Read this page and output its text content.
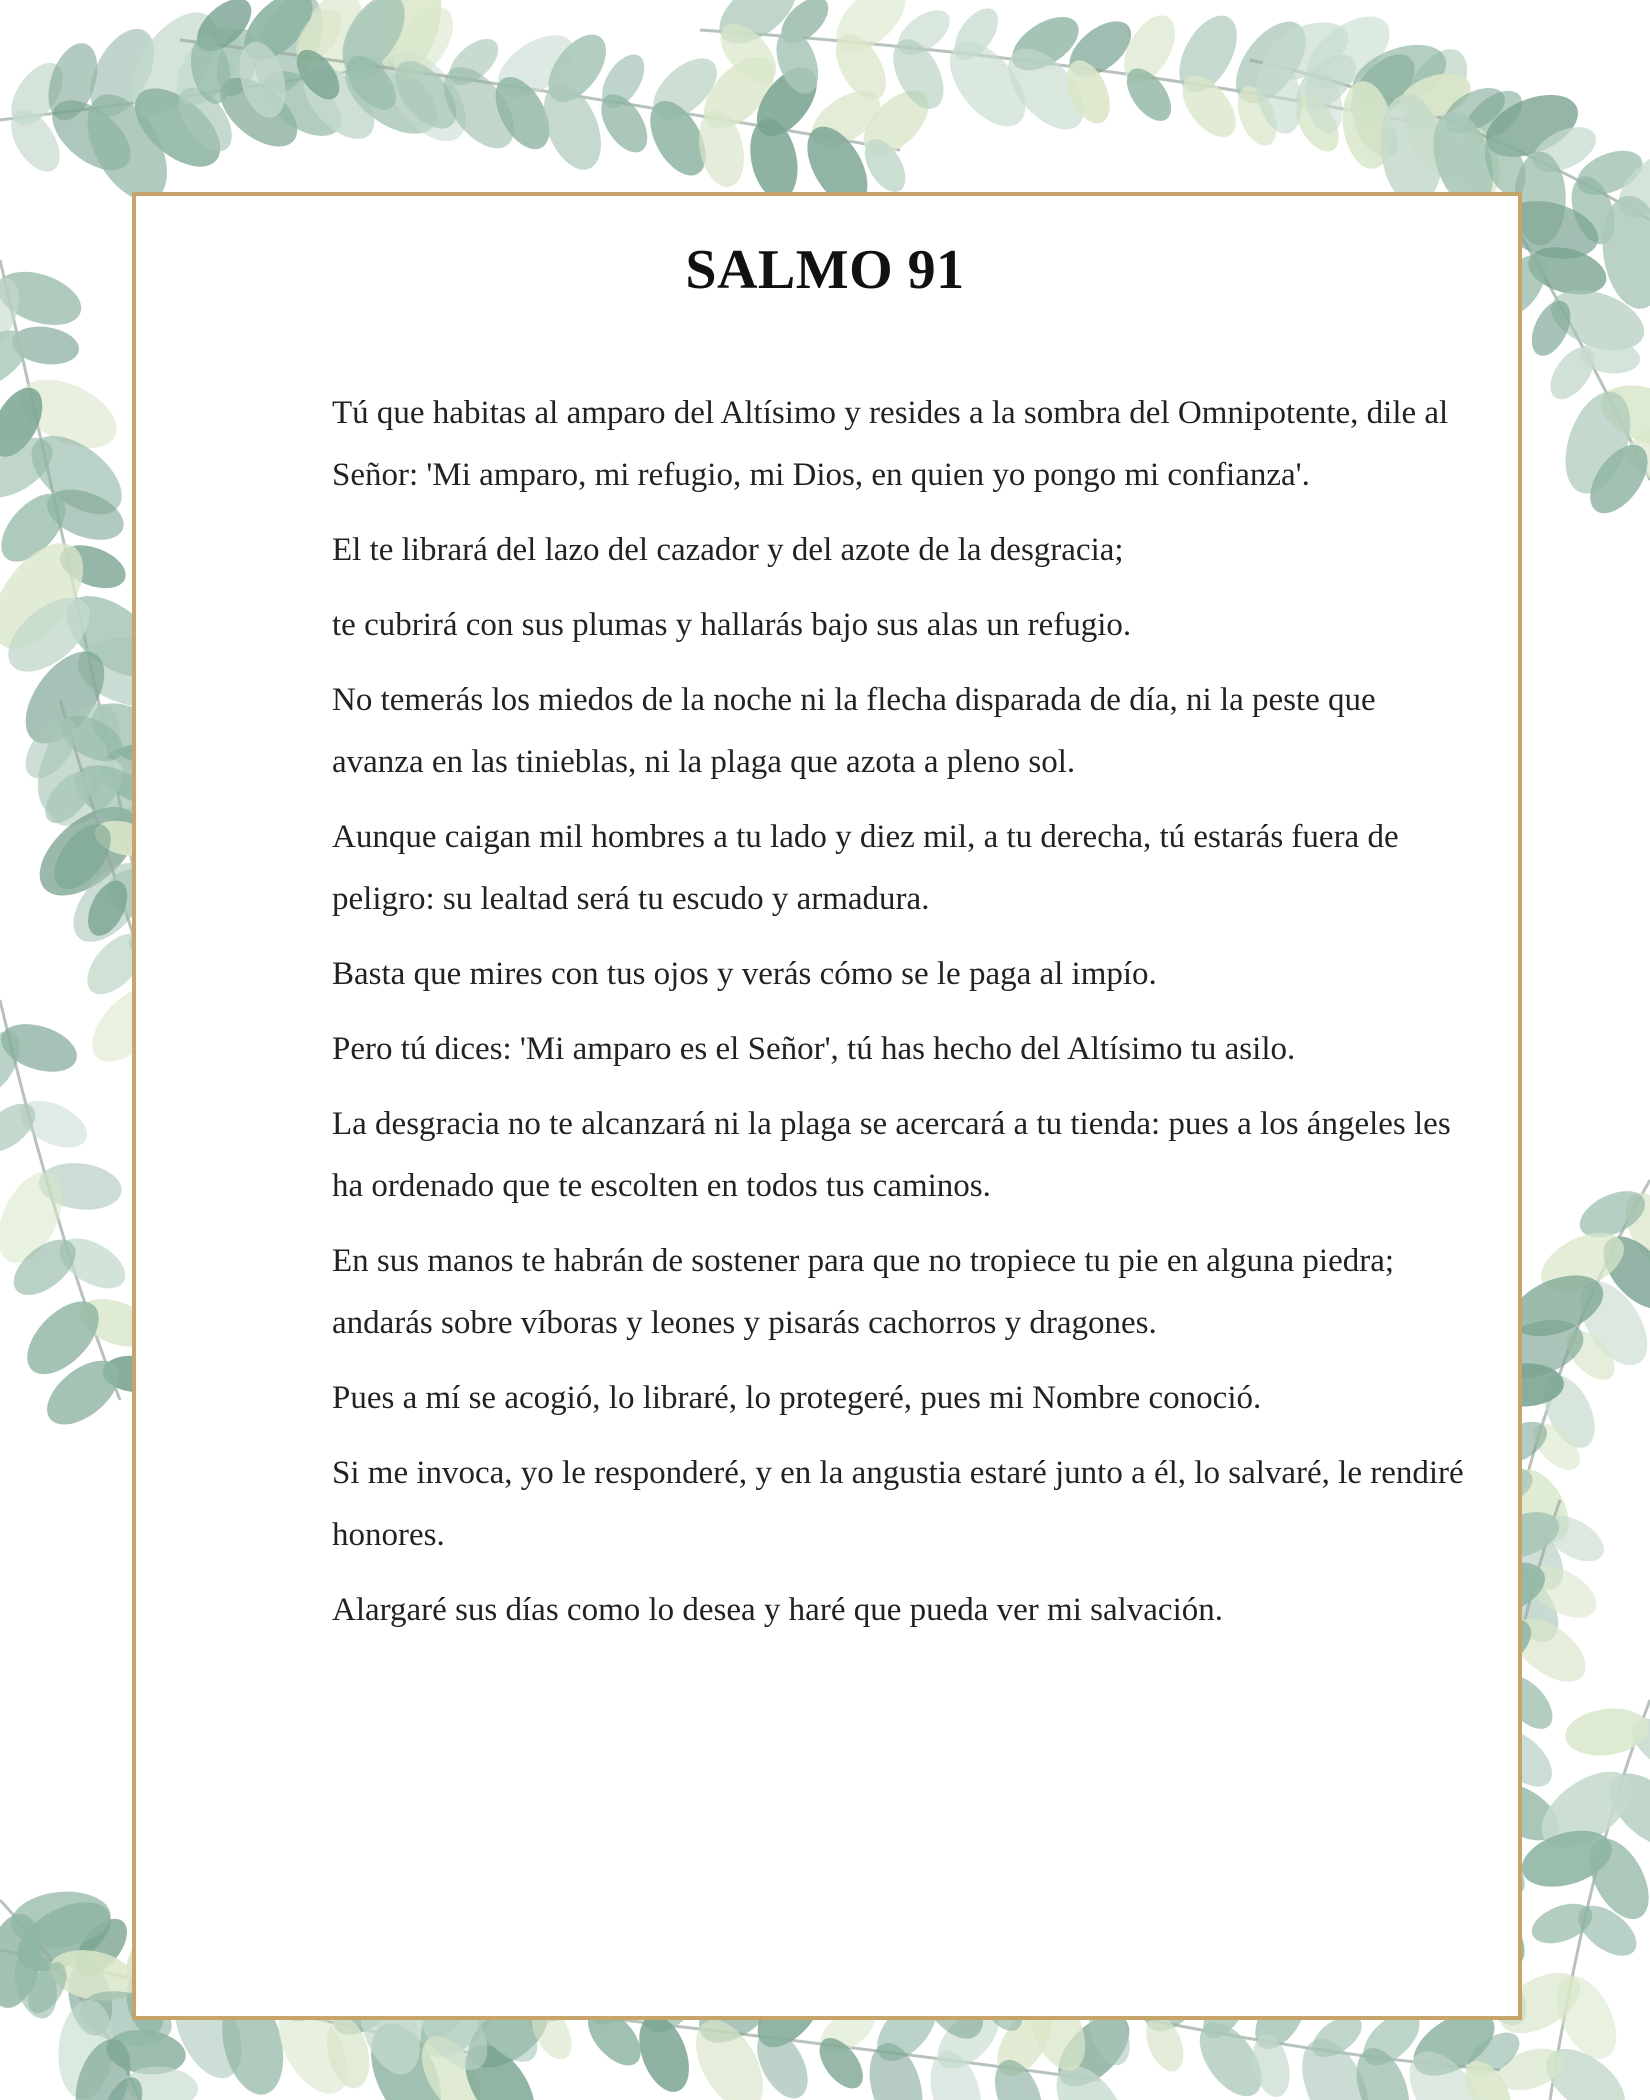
SALMO 91

Tú que habitas al amparo del Altísimo y resides a la sombra del Omnipotente, dile al Señor: 'Mi amparo, mi refugio, mi Dios, en quien yo pongo mi confianza'.

El te librará del lazo del cazador y del azote de la desgracia;

te cubrirá con sus plumas y hallarás bajo sus alas un refugio.

No temerás los miedos de la noche ni la flecha disparada de día, ni la peste que avanza en las tinieblas, ni la plaga que azota a pleno sol.

Aunque caigan mil hombres a tu lado y diez mil, a tu derecha, tú estarás fuera de peligro: su lealtad será tu escudo y armadura.

Basta que mires con tus ojos y verás cómo se le paga al impío.

Pero tú dices: 'Mi amparo es el Señor', tú has hecho del Altísimo tu asilo.

La desgracia no te alcanzará ni la plaga se acercará a tu tienda: pues a los ángeles les ha ordenado que te escolten en todos tus caminos.

En sus manos te habrán de sostener para que no tropiece tu pie en alguna piedra; andarás sobre víboras y leones y pisarás cachorros y dragones.

Pues a mí se acogió, lo libraré, lo protegeré, pues mi Nombre conoció.

Si me invoca, yo le responderé, y en la angustia estaré junto a él, lo salvaré, le rendiré honores.

Alargaré sus días como lo desea y haré que pueda ver mi salvación.
